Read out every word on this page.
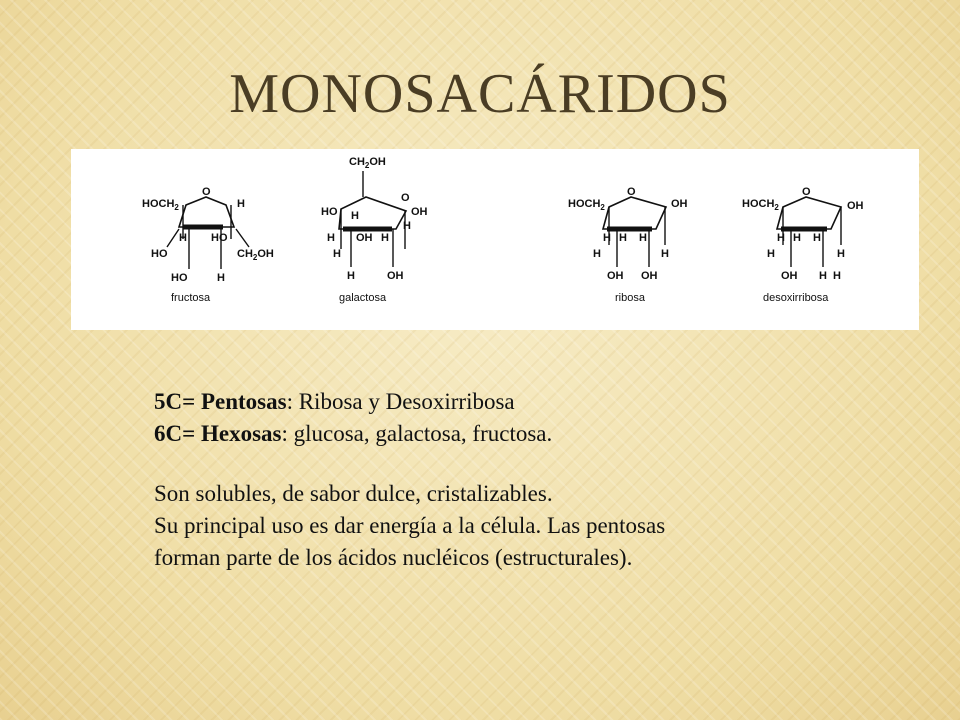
MONOSACÁRIDOS
$HOCH_2$
O
H
H HO
HO	$CH_2OH$
HO	H
fructosa
$CH_2OH$
HO H
O
OH
H
H OH H
H
H	OH
galactosa
$HOCH_2$
O
OH
H H H
H	H
OH OH
ribosa
$HOCH_2$
O
OH
H H H
H	H
OH H H
desoxirribosa
5C= Pentosas: Ribosa y Desoxirribosa
6C= Hexosas: glucosa, galactosa, fructosa.
Son solubles, de sabor dulce, cristalizables.
Su principal uso es dar energía a la célula. Las pentosas
forman parte de los ácidos nucléicos (estructurales).
